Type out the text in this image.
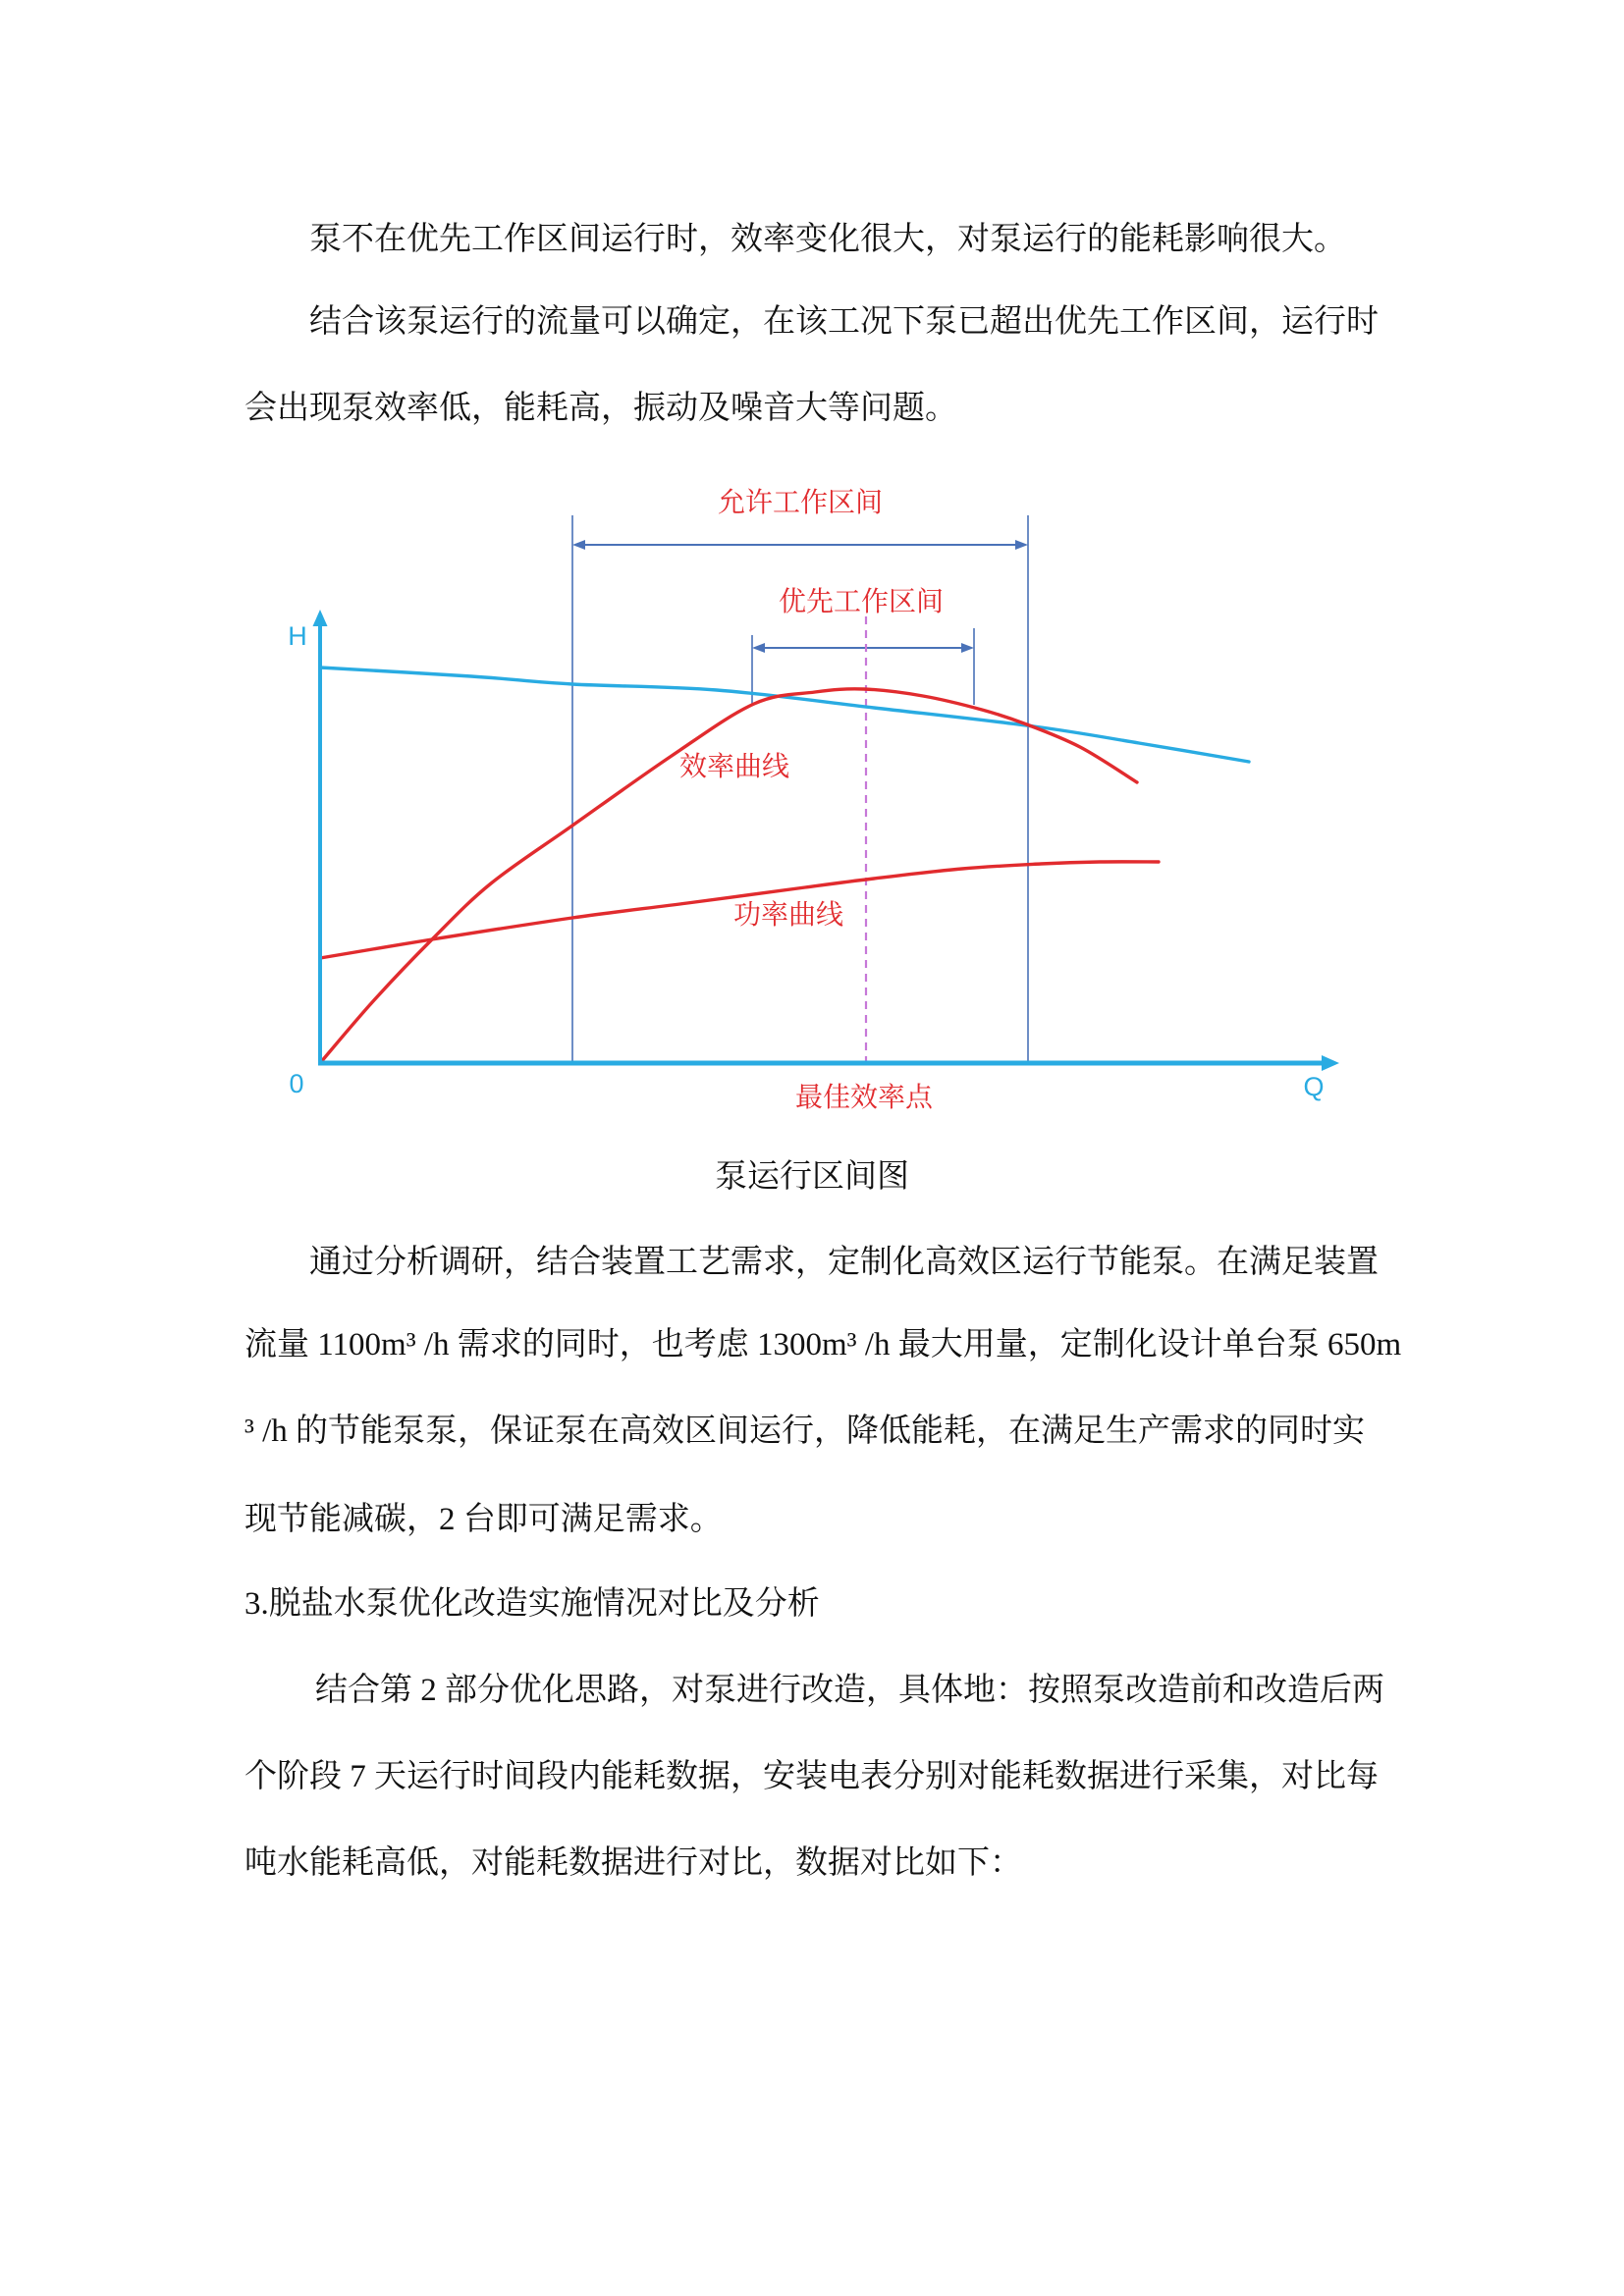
泵不在优先工作区间运行时，效率变化很大，对泵运行的能耗影响很大。
结合该泵运行的流量可以确定，在该工况下泵已超出优先工作区间，运行时
会出现泵效率低，能耗高，振动及噪音大等问题。
允许工作区间
优先工作区间
效率曲线
功率曲线
最佳效率点
H
0	Q
泵运行区间图
通过分析调研，结合装置工艺需求，定制化高效区运行节能泵。在满足装置
流量 1100m³ /h 需求的同时，也考虑 1300m³ /h 最大用量，定制化设计单台泵 650m
³ /h 的节能泵泵，保证泵在高效区间运行，降低能耗，在满足生产需求的同时实
现节能减碳，2 台即可满足需求。
3.脱盐水泵优化改造实施情况对比及分析
结合第 2 部分优化思路，对泵进行改造，具体地：按照泵改造前和改造后两
个阶段 7 天运行时间段内能耗数据，安装电表分别对能耗数据进行采集，对比每
吨水能耗高低，对能耗数据进行对比，数据对比如下：
